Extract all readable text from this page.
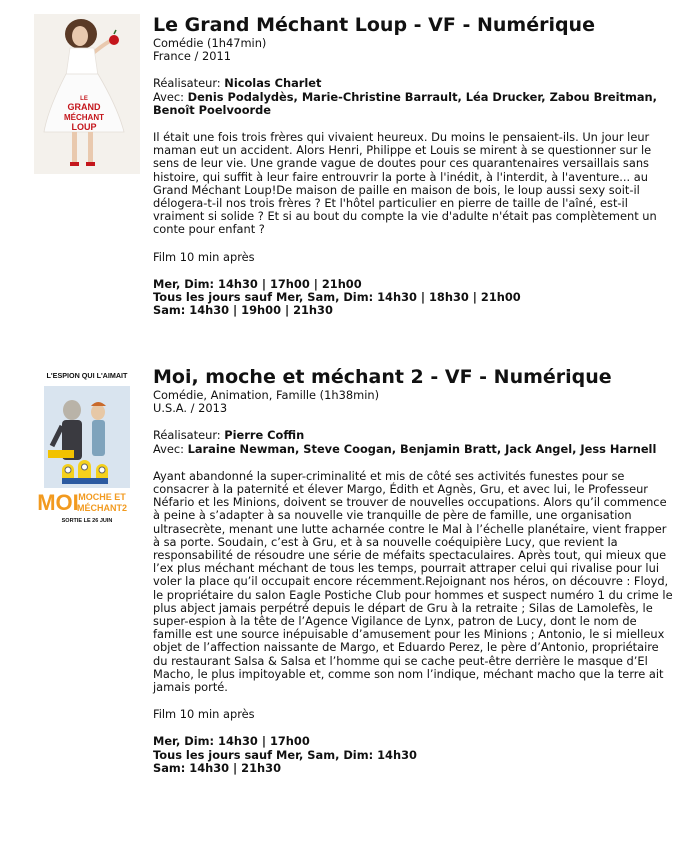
LE
GRAND
MÉCHANT
LOUP
Le Grand Méchant Loup - VF - Numérique
Comédie (1h47min)
France / 2011
Réalisateur: Nicolas Charlet
Avec: Denis Podalydès, Marie-Christine Barrault, Léa Drucker, Zabou Breitman, Benoît Poelvoorde
Il était une fois trois frères qui vivaient heureux. Du moins le pensaient-ils. Un jour leur maman eut un accident. Alors Henri, Philippe et Louis se mirent à se questionner sur le sens de leur vie. Une grande vague de doutes pour ces quarantenaires versaillais sans histoire, qui suffit à leur faire entrouvrir la porte à l'inédit, à l'interdit, à l'aventure... au Grand Méchant Loup!De maison de paille en maison de bois, le loup aussi sexy soit-il délogera-t-il nos trois frères ? Et l'hôtel particulier en pierre de taille de l'aîné, est-il vraiment si solide ? Et si au bout du compte la vie d'adulte n'était pas complètement un conte pour enfant ?
Film 10 min après
Mer, Dim: 14h30 | 17h00 | 21h00
Tous les jours sauf Mer, Sam, Dim: 14h30 | 18h30 | 21h00
Sam: 14h30 | 19h00 | 21h30
L'ESPION QUI L'AIMAIT
MOI MOCHE ET
MÉCHANT2
SORTIE LE 26 JUIN
Moi, moche et méchant 2 - VF - Numérique
Comédie, Animation, Famille (1h38min)
U.S.A. / 2013
Réalisateur: Pierre Coffin
Avec: Laraine Newman, Steve Coogan, Benjamin Bratt, Jack Angel, Jess Harnell
Ayant abandonné la super-criminalité et mis de côté ses activités funestes pour se consacrer à la paternité et élever Margo, Édith et Agnès, Gru, et avec lui, le Professeur Néfario et les Minions, doivent se trouver de nouvelles occupations. Alors qu’il commence à peine à s’adapter à sa nouvelle vie tranquille de père de famille, une organisation ultrasecrète, menant une lutte acharnée contre le Mal à l’échelle planétaire, vient frapper à sa porte. Soudain, c’est à Gru, et à sa nouvelle coéquipière Lucy, que revient la responsabilité de résoudre une série de méfaits spectaculaires. Après tout, qui mieux que l’ex plus méchant méchant de tous les temps, pourrait attraper celui qui rivalise pour lui voler la place qu’il occupait encore récemment.Rejoignant nos héros, on découvre : Floyd, le propriétaire du salon Eagle Postiche Club pour hommes et suspect numéro 1 du crime le plus abject jamais perpétré depuis le départ de Gru à la retraite ; Silas de Lamolefès, le super-espion à la tête de l’Agence Vigilance de Lynx, patron de Lucy, dont le nom de famille est une source inépuisable d’amusement pour les Minions ; Antonio, le si mielleux objet de l’affection naissante de Margo, et Eduardo Perez, le père d’Antonio, propriétaire du restaurant Salsa & Salsa et l’homme qui se cache peut-être derrière le masque d’El Macho, le plus impitoyable et, comme son nom l’indique, méchant macho que la terre ait jamais porté.
Film 10 min après
Mer, Dim: 14h30 | 17h00
Tous les jours sauf Mer, Sam, Dim: 14h30
Sam: 14h30 | 21h30
